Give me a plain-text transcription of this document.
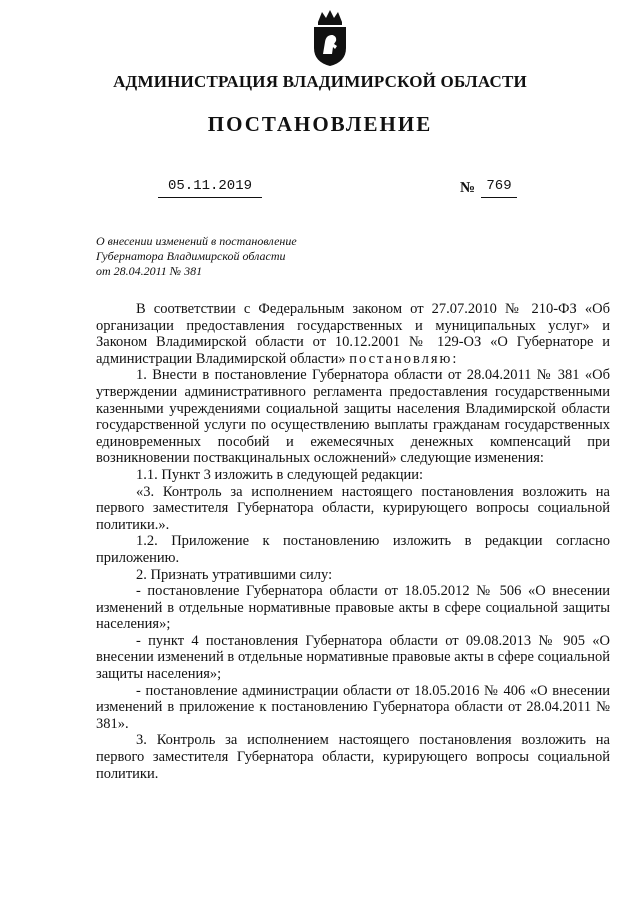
АДМИНИСТРАЦИЯ ВЛАДИМИРСКОЙ ОБЛАСТИ
ПОСТАНОВЛЕНИЕ
05.11.2019	№ 769
О внесении изменений в постановление
Губернатора Владимирской области
от 28.04.2011 № 381

В соответствии с Федеральным законом от 27.07.2010 № 210-ФЗ «Об организации предоставления государственных и муниципальных услуг» и Законом Владимирской области от 10.12.2001 № 129-ОЗ «О Губернаторе и администрации Владимирской области» постановляю:

1. Внести в постановление Губернатора области от 28.04.2011 № 381 «Об утверждении административного регламента предоставления государственными казенными учреждениями социальной защиты населения Владимирской области государственной услуги по осуществлению выплаты гражданам государственных единовременных пособий и ежемесячных денежных компенсаций при возникновении поствакцинальных осложнений» следующие изменения:

1.1. Пункт 3 изложить в следующей редакции:

«3. Контроль за исполнением настоящего постановления возложить на первого заместителя Губернатора области, курирующего вопросы социальной политики.».

1.2. Приложение к постановлению изложить в редакции согласно приложению.

2. Признать утратившими силу:

- постановление Губернатора области от 18.05.2012 № 506 «О внесении изменений в отдельные нормативные правовые акты в сфере социальной защиты населения»;

- пункт 4 постановления Губернатора области от 09.08.2013 № 905 «О внесении изменений в отдельные нормативные правовые акты в сфере социальной защиты населения»;

- постановление администрации области от 18.05.2016 № 406 «О внесении изменений в приложение к постановлению Губернатора области от 28.04.2011 № 381».

3. Контроль за исполнением настоящего постановления возложить на первого заместителя Губернатора области, курирующего вопросы социальной политики.
